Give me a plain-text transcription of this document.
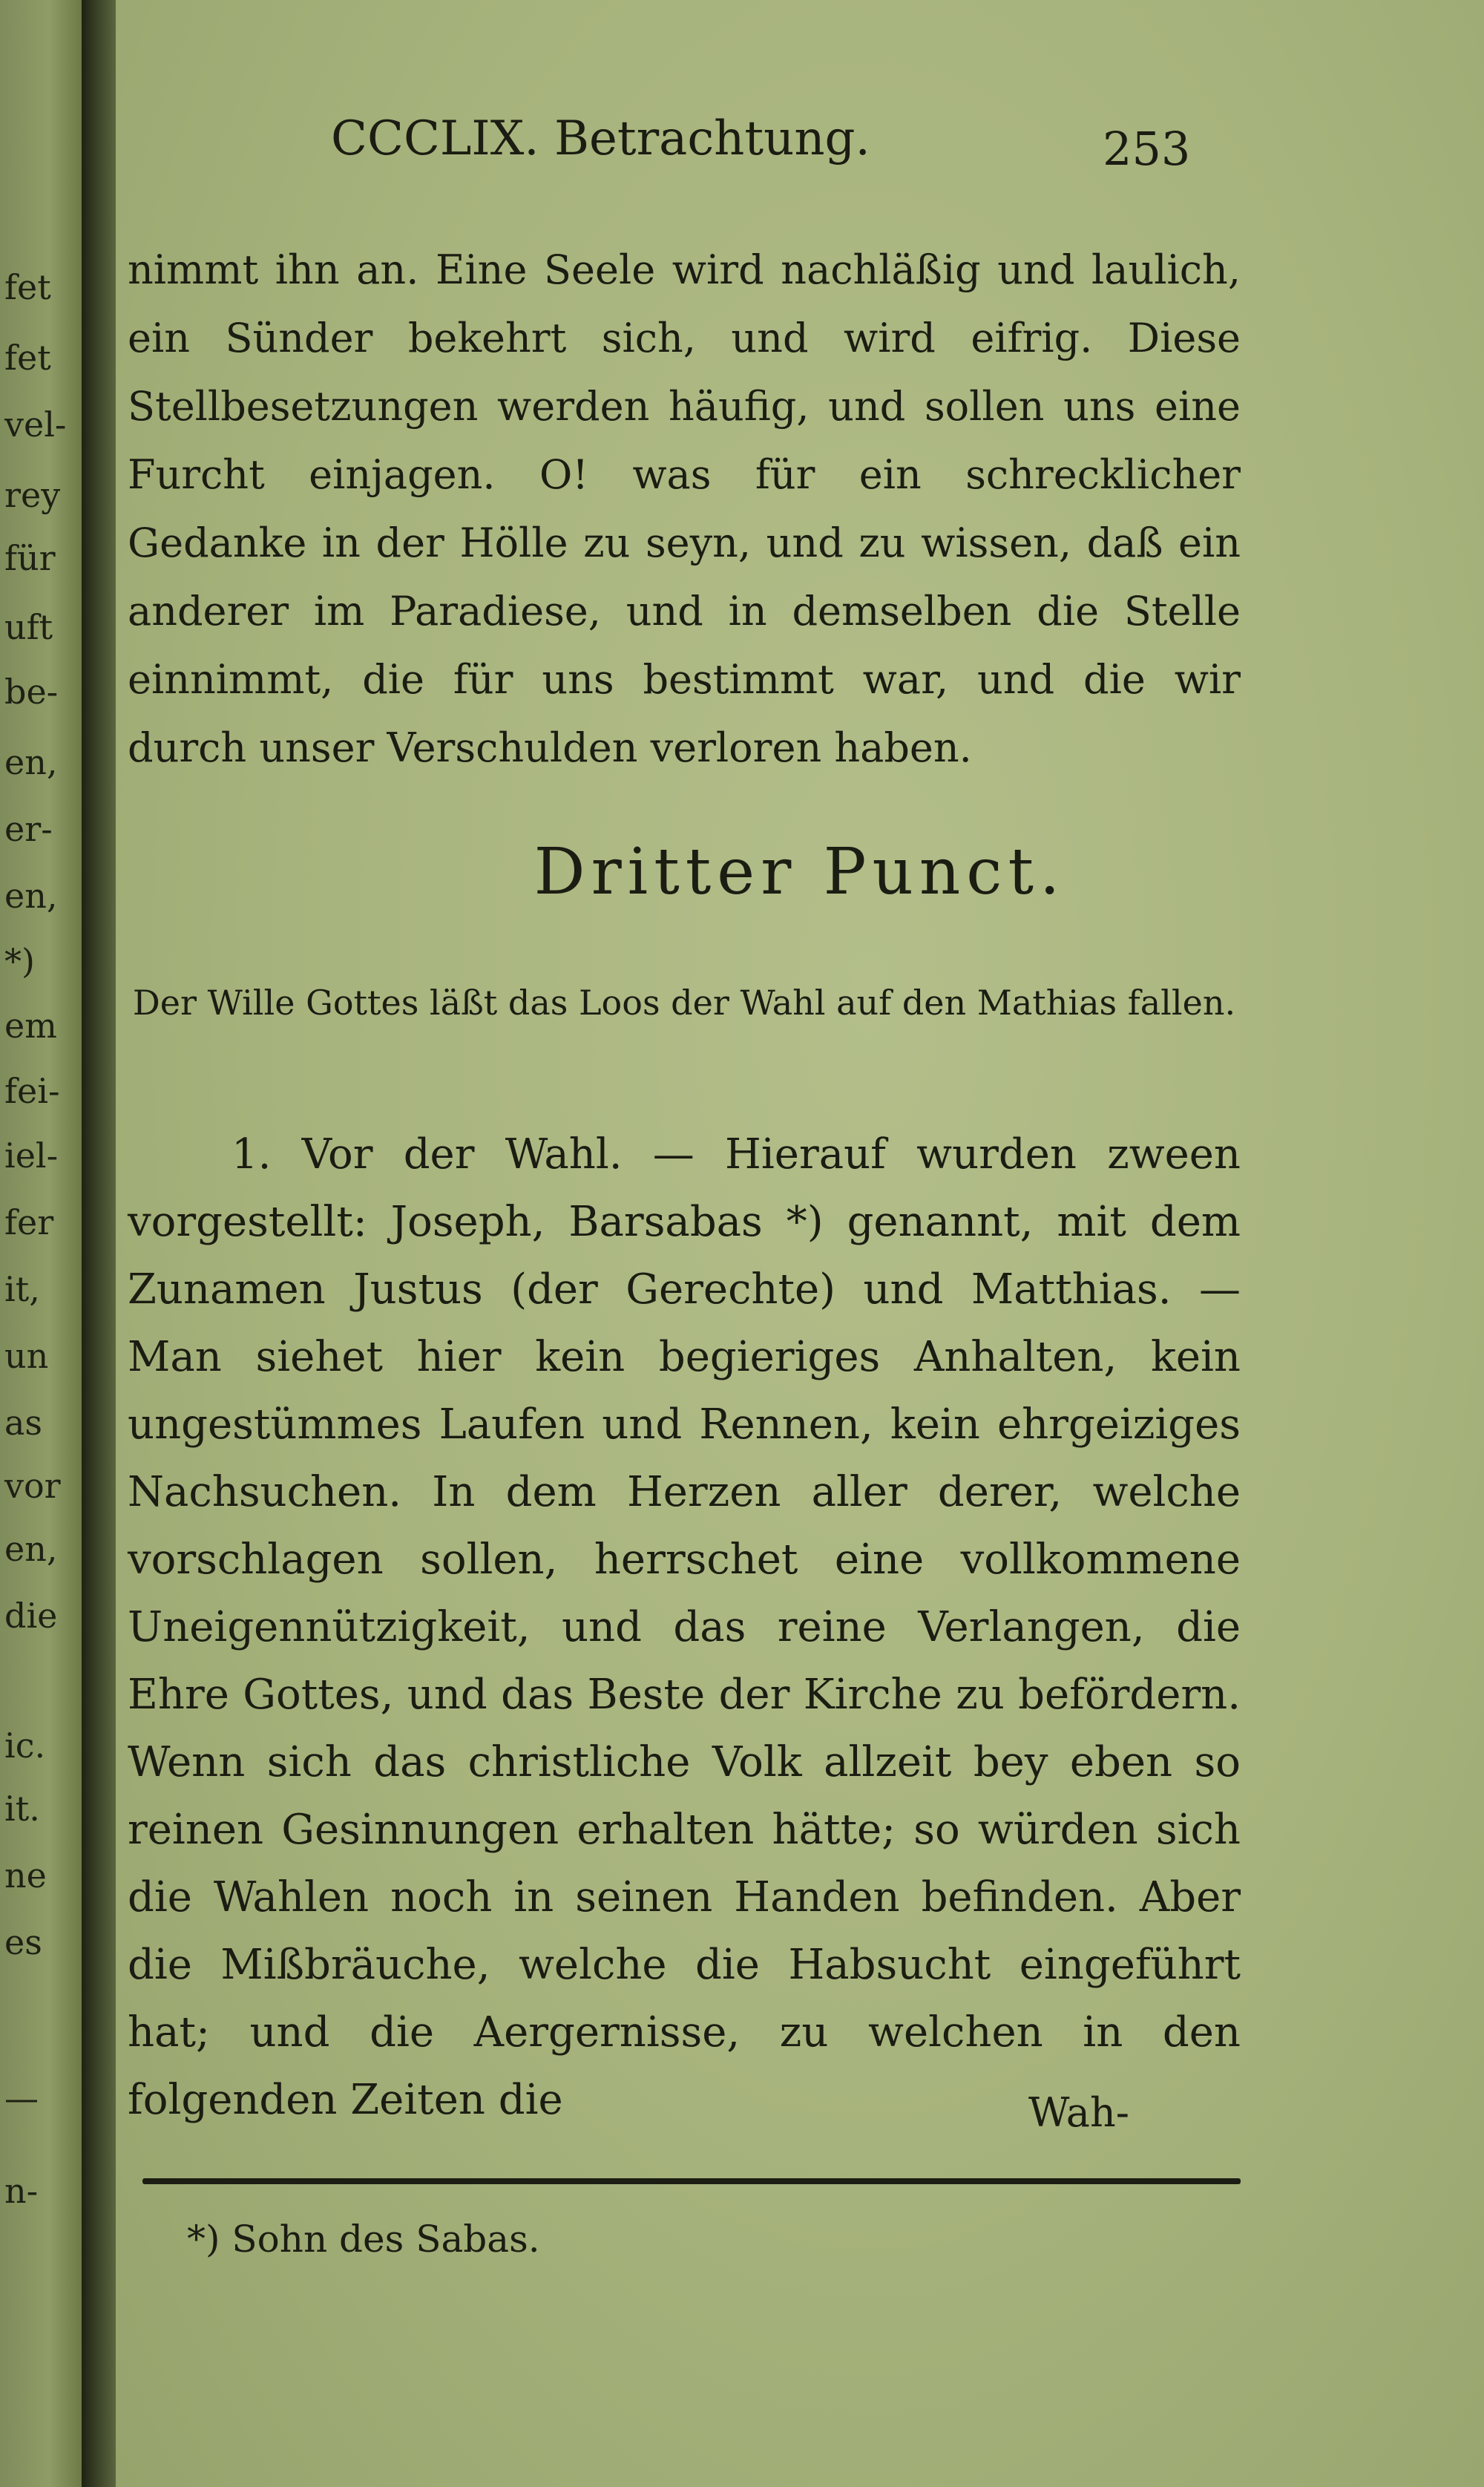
fet
fet
vel-
rey
für
uft
be-
en,
er-
en,
*)
em
fei-
iel-
fer
it,
un
as
vor
en,
die
ic.
it.
ne
es
—
n-
CCCLIX. Betrachtung.	253

nimmt ihn an. Eine Seele wird nachläßig und laulich, ein Sünder bekehrt sich, und wird eifrig. Diese Stellbesetzungen werden häufig, und sollen uns eine Furcht einjagen. O! was für ein schrecklicher Gedanke in der Hölle zu seyn, und zu wissen, daß ein anderer im Paradiese, und in demselben die Stelle einnimmt, die für uns bestimmt war, und die wir durch unser Verschulden verloren haben.

Dritter Punct.
Der Wille Gottes läßt das Loos der Wahl auf den Mathias fallen.
1. Vor der Wahl. — Hierauf wurden zween vorgestellt: Joseph, Barsabas *) genannt, mit dem Zunamen Justus (der Gerechte) und Matthias. — Man siehet hier kein begieriges Anhalten, kein ungestümmes Laufen und Rennen, kein ehrgeiziges Nachsuchen. In dem Herzen aller derer, welche vorschlagen sollen, herrschet eine vollkommene Uneigennützigkeit, und das reine Verlangen, die Ehre Gottes, und das Beste der Kirche zu befördern. Wenn sich das christliche Volk allzeit bey eben so reinen Gesinnungen erhalten hätte; so würden sich die Wahlen noch in seinen Handen befinden. Aber die Mißbräuche, welche die Habsucht eingeführt hat; und die Aergernisse, zu welchen in den folgenden Zeiten die	Wah-
*) Sohn des Sabas.
